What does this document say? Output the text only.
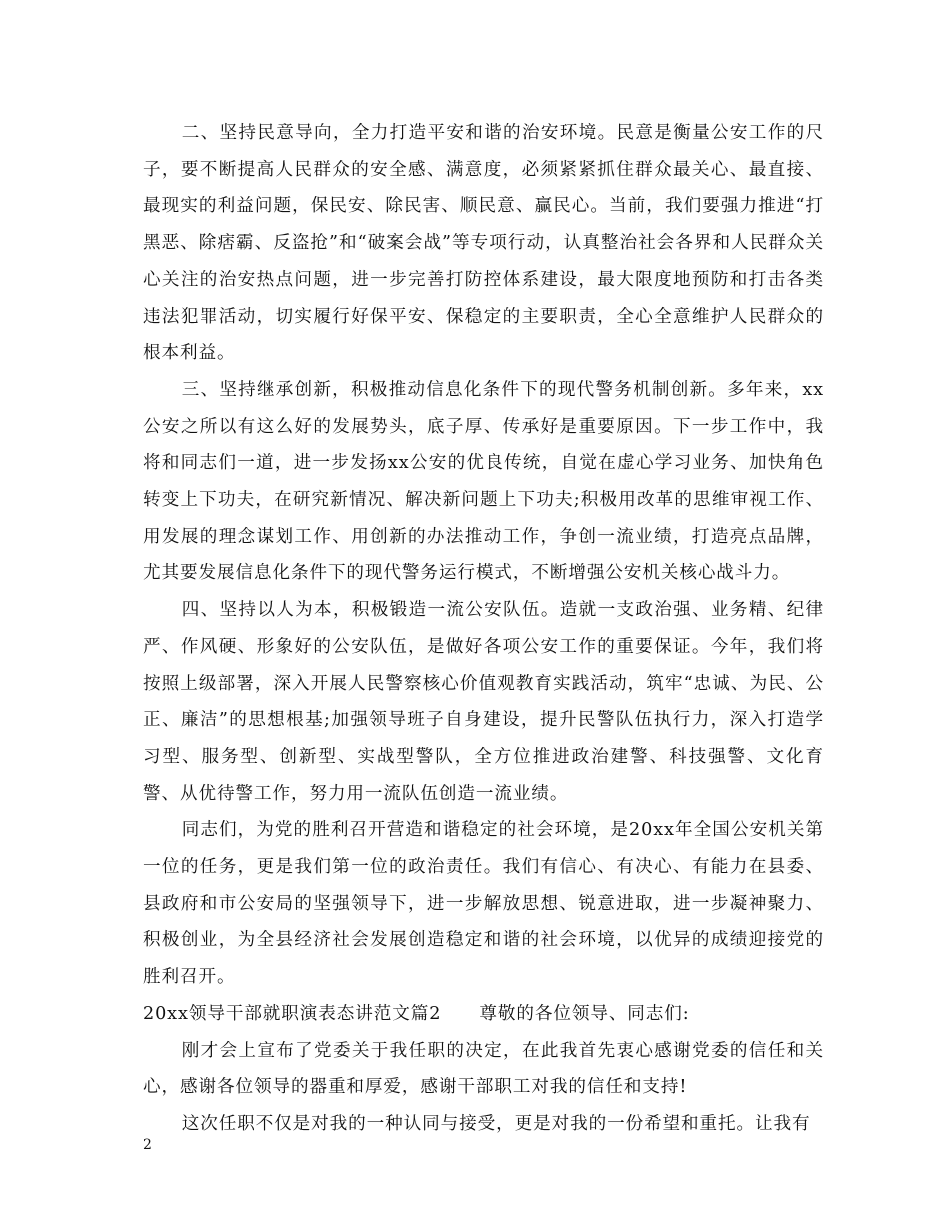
二、坚持民意导向，全力打造平安和谐的治安环境。民意是衡量公安工作的尺子，要不断提高人民群众的安全感、满意度，必须紧紧抓住群众最关心、最直接、最现实的利益问题，保民安、除民害、顺民意、赢民心。当前，我们要强力推进“打黑恶、除痞霸、反盗抢”和“破案会战”等专项行动，认真整治社会各界和人民群众关心关注的治安热点问题，进一步完善打防控体系建设，最大限度地预防和打击各类违法犯罪活动，切实履行好保平安、保稳定的主要职责，全心全意维护人民群众的根本利益。

三、坚持继承创新，积极推动信息化条件下的现代警务机制创新。多年来，xx公安之所以有这么好的发展势头，底子厚、传承好是重要原因。下一步工作中，我将和同志们一道，进一步发扬xx公安的优良传统，自觉在虚心学习业务、加快角色转变上下功夫，在研究新情况、解决新问题上下功夫;积极用改革的思维审视工作、用发展的理念谋划工作、用创新的办法推动工作，争创一流业绩，打造亮点品牌，尤其要发展信息化条件下的现代警务运行模式，不断增强公安机关核心战斗力。

四、坚持以人为本，积极锻造一流公安队伍。造就一支政治强、业务精、纪律严、作风硬、形象好的公安队伍，是做好各项公安工作的重要保证。今年，我们将按照上级部署，深入开展人民警察核心价值观教育实践活动，筑牢“忠诚、为民、公正、廉洁”的思想根基;加强领导班子自身建设，提升民警队伍执行力，深入打造学习型、服务型、创新型、实战型警队，全方位推进政治建警、科技强警、文化育警、从优待警工作，努力用一流队伍创造一流业绩。

同志们，为党的胜利召开营造和谐稳定的社会环境，是20xx年全国公安机关第一位的任务，更是我们第一位的政治责任。我们有信心、有决心、有能力在县委、县政府和市公安局的坚强领导下，进一步解放思想、锐意进取，进一步凝神聚力、积极创业，为全县经济社会发展创造稳定和谐的社会环境，以优异的成绩迎接党的胜利召开。

20xx领导干部就职演表态讲范文篇2 尊敬的各位领导、同志们:

刚才会上宣布了党委关于我任职的决定，在此我首先衷心感谢党委的信任和关心，感谢各位领导的器重和厚爱，感谢干部职工对我的信任和支持!

这次任职不仅是对我的一种认同与接受，更是对我的一份希望和重托。让我有

2
